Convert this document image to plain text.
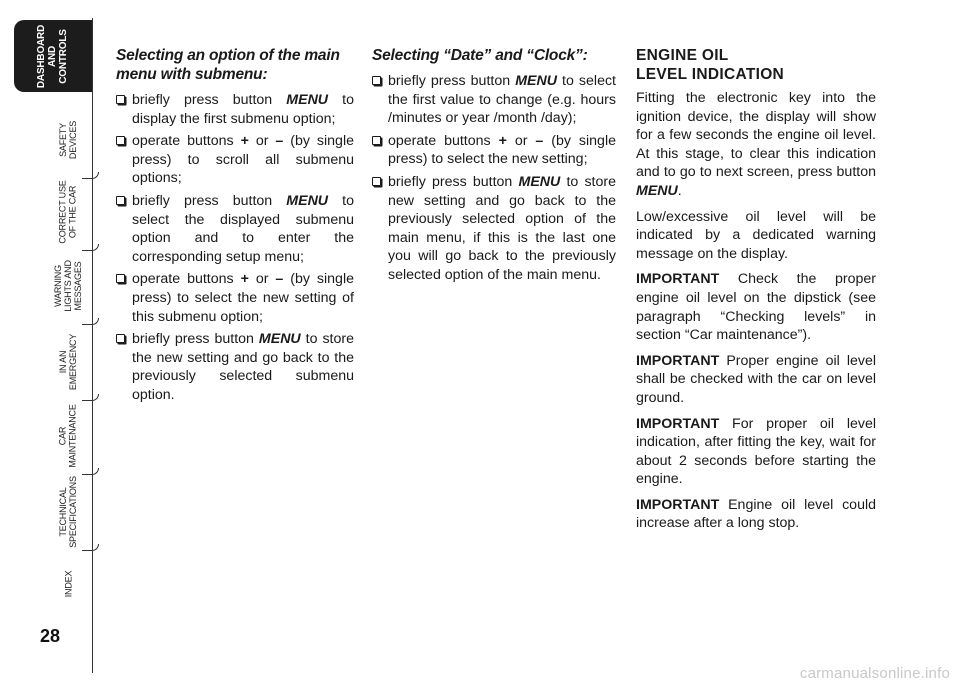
DASHBOARD
AND
CONTROLS
SAFETY
DEVICES
CORRECT USE
OF THE CAR
WARNING
LIGHTS AND
MESSAGES
IN AN
EMERGENCY
CAR
MAINTENANCE
TECHNICAL
SPECIFICATIONS
INDEX
28
Selecting an option of the main menu with submenu:
briefly press button MENU to display the first submenu option;
operate buttons + or – (by single press) to scroll all submenu options;
briefly press button MENU to select the displayed submenu option and to enter the corresponding setup menu;
operate buttons + or – (by single press) to select the new setting of this submenu option;
briefly press button MENU to store the new setting and go back to the previously selected submenu option.
Selecting “Date” and “Clock”:
briefly press button MENU to select the first value to change (e.g. hours /minutes or year /month /day);
operate buttons + or – (by single press) to select the new setting;
briefly press button MENU to store new setting and go back to the previously selected option of the main menu, if this is the last one you will go back to the previously selected option of the main menu.
ENGINE OIL
LEVEL INDICATION

Fitting the electronic key into the ignition device, the display will show for a few seconds the engine oil level. At this stage, to clear this indication and to go to next screen, press button MENU.

Low/excessive oil level will be indicated by a dedicated warning message on the display.

IMPORTANT Check the proper engine oil level on the dipstick (see paragraph “Checking levels” in section “Car maintenance”).

IMPORTANT Proper engine oil level shall be checked with the car on level ground.

IMPORTANT For proper oil level indication, after fitting the key, wait for about 2 seconds before starting the engine.

IMPORTANT Engine oil level could increase after a long stop.

carmanualsonline.info
